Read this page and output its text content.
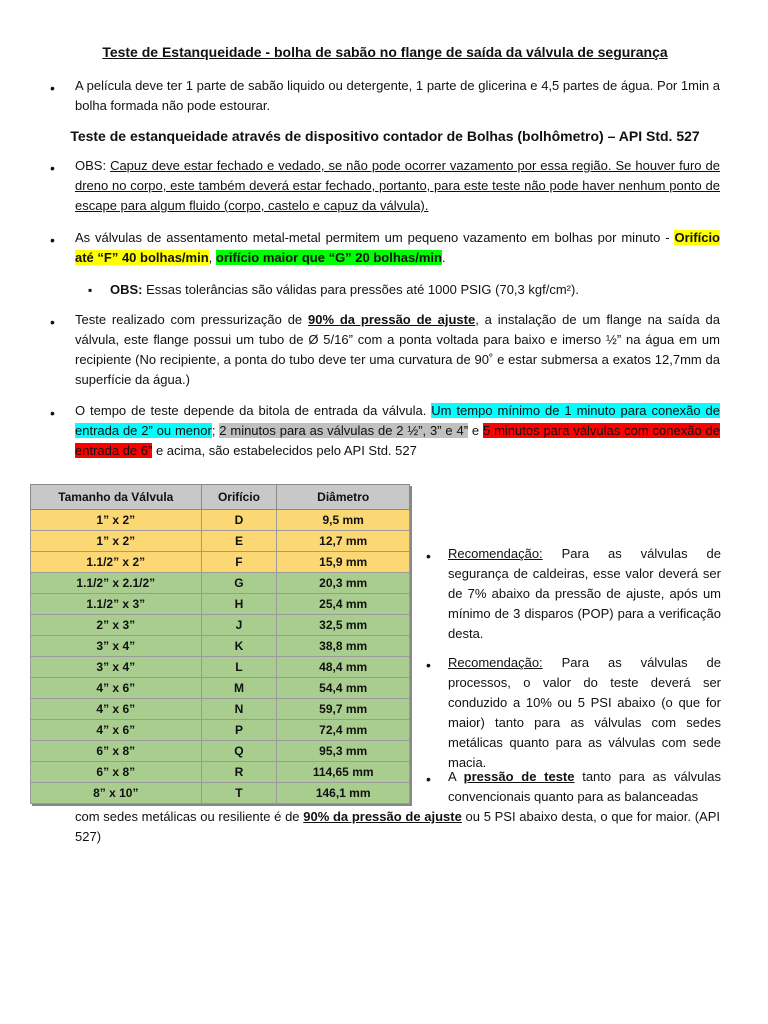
Teste de Estanqueidade - bolha de sabão no flange de saída da válvula de segurança
• A película deve ter 1 parte de sabão liquido ou detergente, 1 parte de glicerina e 4,5 partes de água. Por 1min a bolha formada não pode estourar.
Teste de estanqueidade através de dispositivo contador de Bolhas (bolhômetro) – API Std. 527
• OBS: Capuz deve estar fechado e vedado, se não pode ocorrer vazamento por essa região. Se houver furo de dreno no corpo, este também deverá estar fechado, portanto, para este teste não pode haver nenhum ponto de escape para algum fluido (corpo, castelo e capuz da válvula).
• As válvulas de assentamento metal-metal permitem um pequeno vazamento em bolhas por minuto - Orifício até “F” 40 bolhas/min, orifício maior que “G” 20 bolhas/min.
▪ OBS: Essas tolerâncias são válidas para pressões até 1000 PSIG (70,3 kgf/cm²).
• Teste realizado com pressurização de 90% da pressão de ajuste, a instalação de um flange na saída da válvula, este flange possui um tubo de Ø 5/16” com a ponta voltada para baixo e imerso ½” na água em um recipiente (No recipiente, a ponta do tubo deve ter uma curvatura de 90˚ e estar submersa a exatos 12,7mm da superfície da água.)
• O tempo de teste depende da bitola de entrada da válvula. Um tempo mínimo de 1 minuto para conexão de entrada de 2” ou menor; 2 minutos para as válvulas de 2 ½”, 3” e 4” e 5 minutos para válvulas com conexão de entrada de 6” e acima, são estabelecidos pelo API Std. 527
Tamanho da Válvula	Orifício	Diâmetro
1” x 2”	D	9,5 mm
1” x 2”	E	12,7 mm
1.1/2” x 2”	F	15,9 mm
1.1/2” x 2.1/2”	G	20,3 mm
1.1/2” x 3”	H	25,4 mm
2” x 3”	J	32,5 mm
3” x 4”	K	38,8 mm
3” x 4”	L	48,4 mm
4” x 6”	M	54,4 mm
4” x 6”	N	59,7 mm
4” x 6”	P	72,4 mm
6” x 8”	Q	95,3 mm
6” x 8”	R	114,65 mm
8” x 10”	T	146,1 mm
• Recomendação: Para as válvulas de segurança de caldeiras, esse valor deverá ser de 7% abaixo da pressão de ajuste, após um mínimo de 3 disparos (POP) para a verificação desta.
• Recomendação: Para as válvulas de processos, o valor do teste deverá ser conduzido a 10% ou 5 PSI abaixo (o que for maior) tanto para as válvulas com sedes metálicas quanto para as válvulas com sede macia.
• A pressão de teste tanto para as válvulas convencionais quanto para as balanceadas
com sedes metálicas ou resiliente é de 90% da pressão de ajuste ou 5 PSI abaixo desta, o que for maior. (API 527)
